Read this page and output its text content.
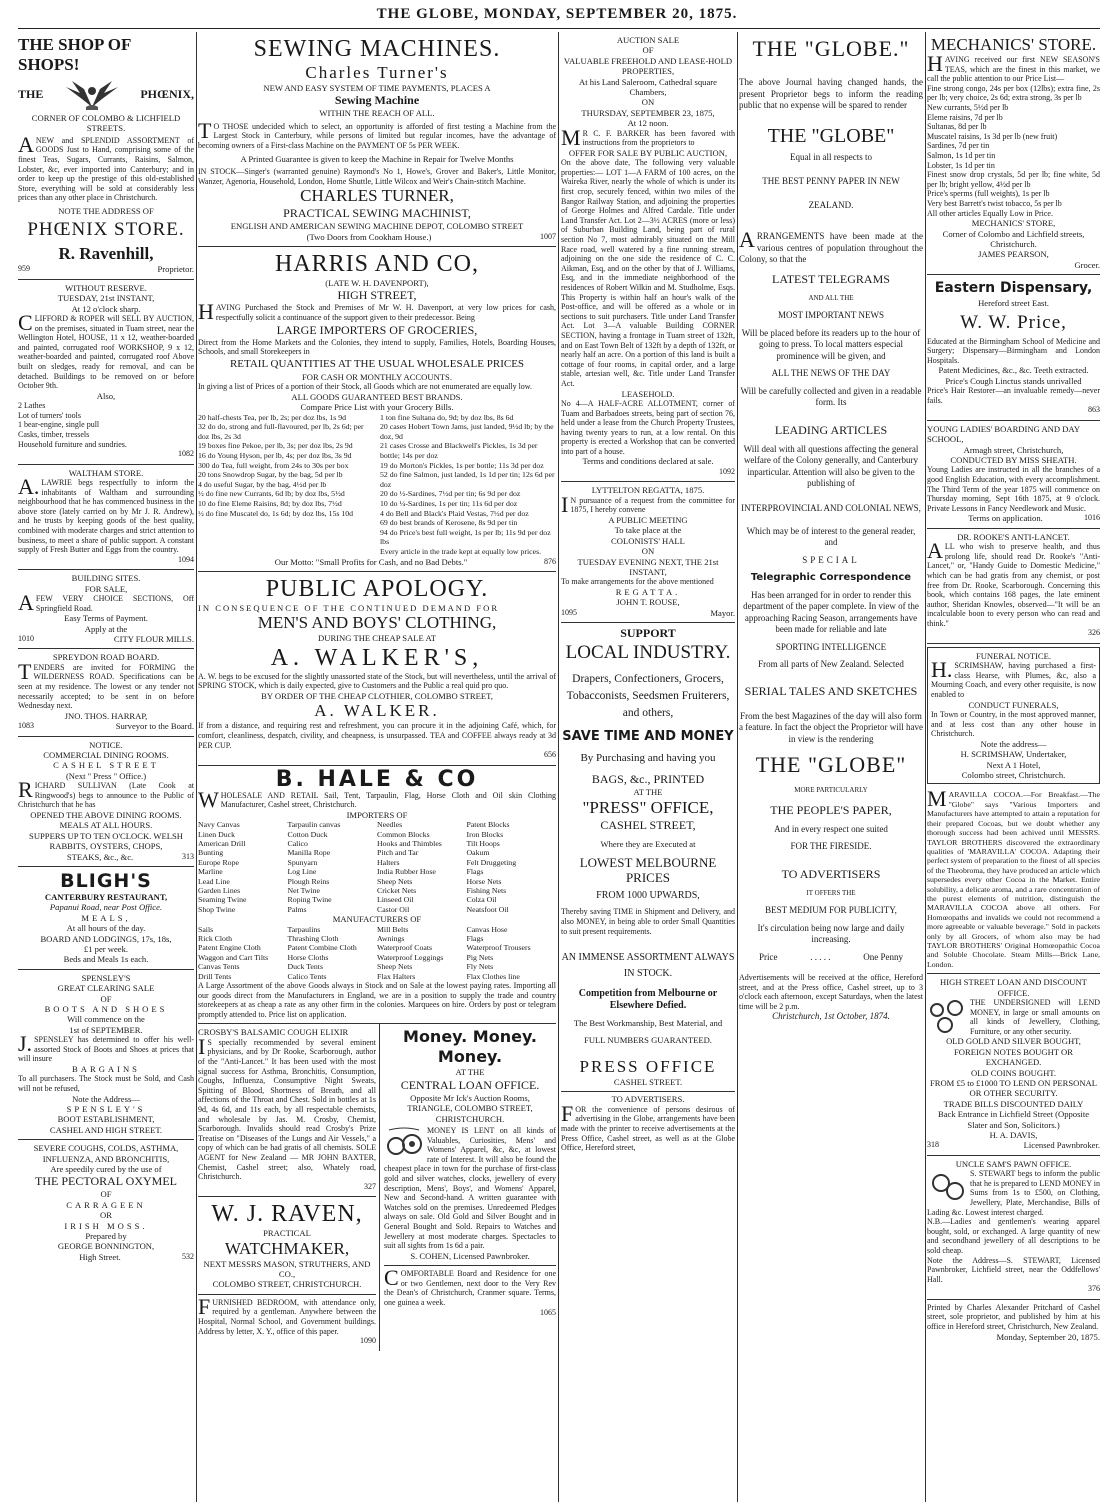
THE GLOBE, MONDAY, SEPTEMBER 20, 1875.
THE SHOP OF SHOPS!
THE	PHŒNIX,
CORNER OF COLOMBO & LICHFIELD STREETS.
ANEW and SPLENDID ASSORTMENT of GOODS Just to Hand, comprising some of the finest Teas, Sugars, Currants, Raisins, Salmon, Lobster, &c, ever imported into Canterbury; and in order to keep up the prestige of this old-established Store, everything will be sold at considerably less prices than any other place in Christchurch.
NOTE THE ADDRESS OF
PHŒNIX STORE.
R. Ravenhill,
959	Proprietor.
WITHOUT RESERVE.
TUESDAY, 21st INSTANT,
At 12 o'clock sharp.
CLIFFORD & ROPER will SELL BY AUCTION, on the premises, situated in Tuam street, near the Wellington Hotel, HOUSE, 11 x 12, weather-boarded and painted, corrugated roof WORKSHOP, 9 x 12, weather-boarded and painted, corrugated roof Above built on sledges, ready for removal, and can be detached. Buildings to be removed on or before October 9th.
Also,
2 Lathes
Lot of turners' tools
1 bear-engine, single pull
Casks, timber, tressels
Household furniture and sundries.
1082
WALTHAM STORE.
A.LAWRIE begs respectfully to inform the inhabitants of Waltham and surrounding neighbourhood that he has commenced business in the above store (lately carried on by Mr J. R. Andrew), and he trusts by keeping goods of the best quality, combined with moderate charges and strict attention to business, to meet a share of public support. A constant supply of Fresh Butter and Eggs from the country.
1094
BUILDING SITES.
FOR SALE,
AFEW VERY CHOICE SECTIONS, Off Springfield Road.
Easy Terms of Payment.
Apply at the
1010	CITY FLOUR MILLS.
SPREYDON ROAD BOARD.
TENDERS are invited for FORMING the WILDERNESS ROAD. Specifications can be seen at my residence. The lowest or any tender not necessarily accepted; to be sent in on before Wednesday next.
JNO. THOS. HARRAP,
1083	Surveyor to the Board.
NOTICE.
COMMERCIAL DINING ROOMS.
CASHEL STREET
(Next " Press " Office.)
RICHARD SULLIVAN (Late Cook at Ringwood's) begs to announce to the Public of Christchurch that he has
OPENED THE ABOVE DINING ROOMS.
MEALS AT ALL HOURS.
SUPPERS UP TO TEN O'CLOCK. WELSH RABBITS, OYSTERS, CHOPS,
STEAKS, &c., &c.	313
BLIGH'S
CANTERBURY RESTAURANT,
Papanui Road, near Post Office.
MEALS,
At all hours of the day.
BOARD AND LODGINGS, 17s, 18s,
£1 per week.
Beds and Meals 1s each.
SPENSLEY'S
GREAT CLEARING SALE
OF
BOOTS AND SHOES
Will commence on the
1st of SEPTEMBER.
J.SPENSLEY has determined to offer his well-assorted Stock of Boots and Shoes at prices that will insure
BARGAINS
To all purchasers. The Stock must be Sold, and Cash will not be refused,
Note the Address—
SPENSLEY'S
BOOT ESTABLISHMENT,
CASHEL AND HIGH STREET.
SEVERE COUGHS, COLDS, ASTHMA, INFLUENZA, AND BRONCHITIS,
Are speedily cured by the use of
THE PECTORAL OXYMEL
OF
CARRAGEEN
OR
IRISH MOSS.
Prepared by
GEORGE BONNINGTON,
High Street.	532
SEWING MACHINES.
Charles Turner's
NEW AND EASY SYSTEM OF TIME PAYMENTS, PLACES A
Sewing Machine
WITHIN THE REACH OF ALL.
TO THOSE undecided which to select, an opportunity is afforded of first testing a Machine from the Largest Stock in Canterbury, while persons of limited but regular incomes, have the advantage of becoming owners of a First-class Machine on the PAYMENT OF 5s PER WEEK.
A Printed Guarantee is given to keep the Machine in Repair for Twelve Months
IN STOCK—Singer's (warranted genuine) Raymond's No 1, Howe's, Grover and Baker's, Little Monitor, Wanzer, Agenoria, Household, London, Home Shuttle, Little Wilcox and Weir's Chain-stitch Machine.
CHARLES TURNER,
PRACTICAL SEWING MACHINIST,
ENGLISH AND AMERICAN SEWING MACHINE DEPOT, COLOMBO STREET
(Two Doors from Cookham House.)	1007
HARRIS AND CO,
(LATE W. H. DAVENPORT),
HIGH STREET,
HAVING Purchased the Stock and Premises of Mr W. H. Davenport, at very low prices for cash, respectfully solicit a continuance of the support given to their predecessor. Being
LARGE IMPORTERS OF GROCERIES,
Direct from the Home Markets and the Colonies, they intend to supply, Families, Hotels, Boarding Houses, Schools, and small Storekeepers in
RETAIL QUANTITIES AT THE USUAL WHOLESALE PRICES
FOR CASH OR MONTHLY ACCOUNTS.
In giving a list of Prices of a portion of their Stock, all Goods which are not enumerated are equally low.
ALL GOODS GUARANTEED BEST BRANDS.
Compare Price List with your Grocery Bills.
20 half-chests Tea, per lb, 2s; per doz lbs, 1s 9d
32 do do, strong and full-flavoured, per lb, 2s 6d; per doz lbs, 2s 3d
19 boxes fine Pekoe, per lb, 3s; per doz lbs, 2s 9d
16 do Young Hyson, per lb, 4s; per doz lbs, 3s 9d
300 do Tea, full weight, from 24s to 30s per box
20 tons Snowdrop Sugar, by the bag, 5d per lb
4 do useful Sugar, by the bag, 4½d per lb
½ do fine new Currants, 6d lb; by doz lbs, 5½d
10 do fine Eleme Raisins, 8d; by doz lbs, 7½d
½ do fine Muscatel do, 1s 6d; by doz lbs, 15s 10d
1 ton fine Sultana do, 9d; by doz lbs, 8s 6d
20 cases Hobert Town Jams, just landed, 9½d lb; by the doz, 9d
21 cases Crosse and Blackwell's Pickles, 1s 3d per bottle; 14s per doz
19 do Morton's Pickles, 1s per bottle; 11s 3d per doz
52 do fine Salmon, just landed, 1s 1d per tin; 12s 6d per doz
20 do ½-Sardines, 7½d per tin; 6s 9d per doz
10 do ¼-Sardines, 1s per tin; 11s 6d per doz
4 do Bell and Black's Plaid Vestas, 7½d per doz
69 do best brands of Kerosene, 8s 9d per tin
94 do Price's best full weight, 1s per lb; 11s 9d per doz lbs
Every article in the trade kept at equally low prices.
Our Motto: "Small Profits for Cash, and no Bad Debts."	876
PUBLIC APOLOGY.
IN CONSEQUENCE OF THE CONTINUED DEMAND FOR
MEN'S AND BOYS' CLOTHING,
DURING THE CHEAP SALE AT
A. WALKER'S,
A. W. begs to be excused for the slightly unassorted state of the Stock, but will nevertheless, until the arrival of SPRING STOCK, which is daily expected, give to Customers and the Public a real quid pro quo.
BY ORDER OF THE CHEAP CLOTHIER, COLOMBO STREET,
A. WALKER.
If from a distance, and requiring rest and refreshment, you can procure it in the adjoining Café, which, for comfort, cleanliness, despatch, civility, and cheapness, is unsurpassed. TEA and COFFEE always ready at 3d PER CUP.
656
B. HALE & CO
WHOLESALE AND RETAIL Sail, Tent, Tarpaulin, Flag, Horse Cloth and Oil skin Clothing Manufacturer, Cashel street, Christchurch.
IMPORTERS OF
Navy Canvas	Tarpaulin canvas	Needles	Patent Blocks
Linen Duck	Cotton Duck	Common Blocks	Iron Blocks
American Drill	Calico	Hooks and Thimbles	Tilt Hoops
Bunting	Manilla Rope	Pitch and Tar	Oakum
Europe Rope	Spunyarn	Halters	Felt Druggeting
Marline	Log Line	India Rubber Hose	Flags
Lead Line	Plough Reins	Sheep Nets	Horse Nets
Garden Lines	Net Twine	Cricket Nets	Fishing Nets
Seaming Twine	Roping Twine	Linseed Oil	Colza Oil
Shop Twine	Palms	Castor Oil	Neatsfoot Oil
MANUFACTURERS OF
Sails	Tarpaulins	Mill Belts	Canvas Hose
Rick Cloth	Thrashing Cloth	Awnings	Flags
Patent Engine Cloth	Patent Combine Cloth	Waterproof Coats	Waterproof Trousers
Waggon and Cart Tilts	Horse Cloths	Waterproof Leggings	Pig Nets
Canvas Tents	Duck Tents	Sheep Nets	Fly Nets
Drill Tents	Calico Tents	Flax Halters	Flax Clothes line
A Large Assortment of the above Goods always in Stock and on Sale at the lowest paying rates. Importing all our goods direct from the Manufacturers in England, we are in a position to supply the trade and country storekeepers at as cheap a rate as any other firm in the colonies. Marquees on hire. Orders by post or telegram promptly attended to. Price list on application.
CROSBY'S BALSAMIC COUGH ELIXIR
IS specially recommended by several eminent physicians, and by Dr Rooke, Scarborough, author of the "Anti-Lancet." It has been used with the most signal success for Asthma, Bronchitis, Consumption, Coughs, Influenza, Consumptive Night Sweats, Spitting of Blood, Shortness of Breath, and all affections of the Throat and Chest. Sold in bottles at 1s 9d, 4s 6d, and 11s each, by all respectable chemists, and wholesale by Jas. M. Crosby, Chemist, Scarborough. Invalids should read Crosby's Prize Treatise on "Diseases of the Lungs and Air Vessels," a copy of which can be had gratis of all chemists. SOLE AGENT for New Zealand — MR JOHN BAXTER, Chemist, Cashel street; also, Whately road, Christchurch.
327
W. J. RAVEN,
PRACTICAL
WATCHMAKER,
NEXT MESSRS MASON, STRUTHERS, AND CO.,
COLOMBO STREET, CHRISTCHURCH.
FURNISHED BEDROOM, with attendance only, required by a gentleman. Anywhere between the Hospital, Normal School, and Government buildings. Address by letter, X. Y., office of this paper.
1090
Money. Money. Money.
AT THE
CENTRAL LOAN OFFICE.
Opposite Mr Ick's Auction Rooms,
TRIANGLE, COLOMBO STREET,
CHRISTCHURCH.
MONEY IS LENT on all kinds of Valuables, Curiosities, Mens' and Womens' Apparel, &c, &c, at lowest rate of Interest. It will also be found the cheapest place in town for the purchase of first-class gold and silver watches, clocks, jewellery of every description, Mens', Boys', and Womens' Apparel, New and Second-hand. A written guarantee with Watches sold on the premises. Unredeemed Pledges always on sale. Old Gold and Silver Bought and in General Bought and Sold. Repairs to Watches and Jewellery at most moderate charges. Spectacles to suit all sights from 1s 6d a pair.
S. COHEN, Licensed Pawnbroker.
COMFORTABLE Board and Residence for one or two Gentlemen, next door to the Very Rev the Dean's of Christchurch, Cranmer square. Terms, one guinea a week.
1065
AUCTION SALE
OF
VALUABLE FREEHOLD AND LEASE-HOLD PROPERTIES,
At his Land Saleroom, Cathedral square Chambers,
ON
THURSDAY, SEPTEMBER 23, 1875,
At 12 noon.
MR C. F. BARKER has been favored with instructions from the proprietors to
OFFER FOR SALE BY PUBLIC AUCTION,
On the above date, The following very valuable properties:— LOT 1—A FARM of 100 acres, on the Waireka River, nearly the whole of which is under its first crop, securely fenced, within two miles of the Bangor Railway Station, and adjoining the properties of George Holmes and Alfred Cardale. Title under Land Transfer Act. Lot 2—3½ ACRES (more or less) of Suburban Building Land, being part of rural section No 7, most admirably situated on the Mill Race road, well watered by a fine running stream, adjoining on the one side the residence of C. C. Aikman, Esq, and on the other by that of J. Williams, Esq, and in the immediate neighborhood of the residences of Robert Wilkin and M. Studholme, Esqs. This Property is within half an hour's walk of the Post-office, and will be offered as a whole or in sections to suit purchasers. Title under Land Transfer Act. Lot 3—A valuable Building CORNER SECTION, having a frontage in Tuam street of 132ft, and on East Town Belt of 132ft by a depth of 132ft, or nearly half an acre. On a portion of this land is built a cottage of four rooms, in capital order, and a large stable, artesian well, &c. Title under Land Transfer Act.
LEASEHOLD.
No 4—A HALF-ACRE ALLOTMENT, corner of Tuam and Barbadoes streets, being part of section 76, held under a lease from the Church Property Trustees, having twenty years to run, at a low rental. On this property is erected a Workshop that can be converted into part of a house.
Terms and conditions declared at sale.
1092
LYTTELTON REGATTA, 1875.
IN pursuance of a request from the committee for 1875, I hereby convene
A PUBLIC MEETING
To take place at the
COLONISTS' HALL
ON
TUESDAY EVENING NEXT, THE 21st INSTANT,
To make arrangements for the above mentioned
REGATTA.
JOHN T. ROUSE,
1095	Mayor.
SUPPORT
LOCAL INDUSTRY.
Drapers, Confectioners, Grocers, Tobacconists, Seedsmen Fruiterers, and others,
SAVE TIME AND MONEY
By Purchasing and having you
BAGS, &c., PRINTED
AT THE
"PRESS" OFFICE,
CASHEL STREET,
Where they are Executed at
LOWEST MELBOURNE PRICES
FROM 1000 UPWARDS,
Thereby saving TIME in Shipment and Delivery, and also MONEY, in being able to order Small Quantities to suit present requirements.
AN IMMENSE ASSORTMENT ALWAYS IN STOCK.
Competition from Melbourne or Elsewhere Defied.
The Best Workmanship, Best Material, and
FULL NUMBERS GUARANTEED.
PRESS OFFICE
CASHEL STREET.
TO ADVERTISERS.
FOR the convenience of persons desirous of advertising in the Globe, arrangements have been made with the printer to receive advertisements at the Press Office, Cashel street, as well as at the Globe Office, Hereford street,
THE "GLOBE."
The above Journal having changed hands, the present Proprietor begs to inform the reading public that no expense will be spared to render
THE "GLOBE"
Equal in all respects to
THE BEST PENNY PAPER IN NEW ZEALAND.
ARRANGEMENTS have been made at the various centres of population throughout the Colony, so that the
LATEST TELEGRAMS
AND ALL THE
MOST IMPORTANT NEWS
Will be placed before its readers up to the hour of going to press. To local matters especial prominence will be given, and
ALL THE NEWS OF THE DAY
Will be carefully collected and given in a readable form. Its
LEADING ARTICLES
Will deal with all questions affecting the general welfare of the Colony generally, and Canterbury inparticular. Attention will also be given to the publishing of
INTERPROVINCIAL AND COLONIAL NEWS,
Which may be of interest to the general reader, and
SPECIAL
Telegraphic Correspondence
Has been arranged for in order to render this department of the paper complete. In view of the approaching Racing Season, arrangements have been made for reliable and late
SPORTING INTELLIGENCE
From all parts of New Zealand. Selected
SERIAL TALES AND SKETCHES
From the best Magazines of the day will also form a feature. In fact the object the Proprietor will have in view is the rendering
THE "GLOBE"
MORE PARTICULARLY
THE PEOPLE'S PAPER,
And in every respect one suited
FOR THE FIRESIDE.
TO ADVERTISERS
IT OFFERS THE
BEST MEDIUM FOR PUBLICITY,
It's circulation being now large and daily increasing.
Price	. . . . .	One Penny
Advertisements will be received at the office, Hereford street, and at the Press office, Cashel street, up to 3 o'clock each afternoon, except Saturdays, when the latest time will be 2 p.m.
Christchurch, 1st October, 1874.
MECHANICS' STORE.
HAVING received our first NEW SEASON'S TEAS, which are the finest in this market, we call the public attention to our Price List—
Fine strong congo, 24s per box (12lbs); extra fine, 2s per lb; very choice, 2s 6d; extra strong, 3s per lb
New currants, 5½d per lb
Eleme raisins, 7d per lb
Sultanas, 8d per lb
Muscatel raisins, 1s 3d per lb (new fruit)
Sardines, 7d per tin
Salmon, 1s 1d per tin
Lobster, 1s 1d per tin
Finest snow drop crystals, 5d per lb; fine white, 5d per lb; bright yellow, 4½d per lb
Price's sperms (full weights), 1s per lb
Very best Barrett's twist tobacco, 5s per lb
All other articles Equally Low in Price.
MECHANICS' STORE,
Corner of Colombo and Lichfield streets, Christchurch.
JAMES PEARSON,
Grocer.
Eastern Dispensary,
Hereford street East.
W. W. Price,
Educated at the Birmingham School of Medicine and Surgery; Dispensary—Birmingham and London Hospitals.
Patent Medicines, &c., &c. Teeth extracted.
Price's Cough Linctus stands unrivalled
Price's Hair Restorer—an invaluable remedy—never fails.
863
YOUNG LADIES' BOARDING AND DAY SCHOOL,
Armagh street, Christchurch,
CONDUCTED BY MISS SHEATH.
Young Ladies are instructed in all the branches of a good English Education, with every accomplishment. The Third Term of the year 1875 will commence on Thursday morning, Sept 16th 1875, at 9 o'clock. Private Lessons in Fancy Needlework and Music.
Terms on application.	1016
DR. ROOKE'S ANTI-LANCET.
ALL who wish to preserve health, and thus prolong life, should read Dr. Rooke's "Anti-Lancet," or, "Handy Guide to Domestic Medicine," which can be had gratis from any chemist, or post free from Dr. Rooke, Scarborough. Concerning this book, which contains 168 pages, the late eminent author, Sheridan Knowles, observed—"It will be an incalculable boon to every person who can read and think."
326
FUNERAL NOTICE.
H.SCRIMSHAW, having purchased a first-class Hearse, with Plumes, &c, also a Mourning Coach, and every other requisite, is now enabled to
CONDUCT FUNERALS,
In Town or Country, in the most approved manner, and at less cost than any other house in Christchurch.
Note the address—
H. SCRIMSHAW, Undertaker,
Next A 1 Hotel,
Colombo street, Christchurch.
MARAVILLA COCOA.—For Breakfast.—The "Globe" says "Various Importers and Manufacturers have attempted to attain a reputation for their prepared Cocoas, but we doubt whether any thorough success had been achived until MESSRS. TAYLOR BROTHERS discovered the extraordinary qualities of 'MARAVILLA' COCOA. Adapting their perfect system of preparation to the finest of all species of the Theobroma, they have produced an article which supersedes every other Cocoa in the Market. Entire solubility, a delicate aroma, and a rare concentration of the purest elements of nutrition, distinguish the MARAVILLA COCOA above all others. For Homœopaths and invalids we could not recommend a more agreeable or valuable beverage." Sold in packets only by all Grocers, of whom also may be had TAYLOR BROTHERS' Original Homœopathic Cocoa and Soluble Chocolate. Steam Mills—Brick Lane, London.
HIGH STREET LOAN AND DISCOUNT OFFICE.
THE UNDERSIGNED will LEND MONEY, in large or small amounts on all kinds of Jewellery, Clothing, Furniture, or any other security.
OLD GOLD AND SILVER BOUGHT, FOREIGN NOTES BOUGHT OR EXCHANGED.
OLD COINS BOUGHT.
FROM £5 to £1000 TO LEND ON PERSONAL OR OTHER SECURITY.
TRADE BILLS DISCOUNTED DAILY
Back Entrance in Lichfield Street (Opposite Slater and Son, Solicitors.)
H. A. DAVIS,
318	Licensed Pawnbroker.
UNCLE SAM'S PAWN OFFICE.
S. STEWART begs to inform the public that he is prepared to LEND MONEY in Sums from 1s to £500, on Clothing, Jewellery, Plate, Merchandise, Bills of Lading &c. Lowest interest charged.
N.B.—Ladies and gentlemen's wearing apparel bought, sold, or exchanged. A large quantity of new and secondhand jewellery of all descriptions to be sold cheap.
Note the Address—S. STEWART, Licensed Pawnbroker, Lichfield street, near the Oddfellows' Hall.
376
Printed by Charles Alexander Pritchard of Cashel street, sole proprietor, and published by him at his office in Hereford street, Christchurch, New Zealand.
Monday, September 20, 1875.
